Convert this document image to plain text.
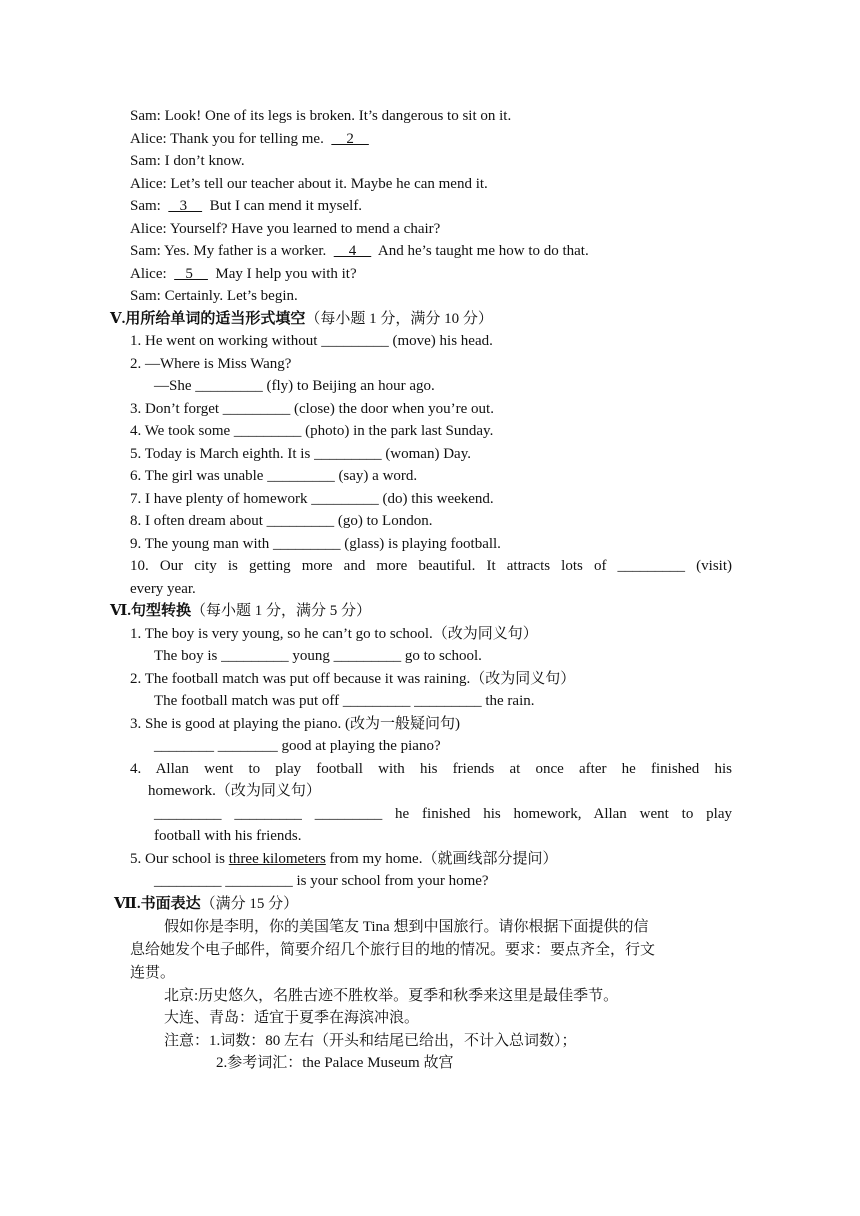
Sam: Look! One of its legs is broken. It’s dangerous to sit on it.
Alice: Thank you for telling me.      2
Sam: I don’t know.
Alice: Let’s tell our teacher about it. Maybe he can mend it.
Sam:     3      But I can mend it myself.
Alice: Yourself? Have you learned to mend a chair?
Sam: Yes. My father is a worker.      4      And he’s taught me how to do that.
Alice:     5      May I help you with it?
Sam: Certainly. Let’s begin.
Ⅴ.用所给单词的适当形式填空（每小题 1 分，满分 10 分）
1. He went on working without _________ (move) his head.
2. —Where is Miss Wang?
—She _________ (fly) to Beijing an hour ago.
3. Don’t forget _________ (close) the door when you’re out.
4. We took some _________ (photo) in the park last Sunday.
5. Today is March eighth. It is _________ (woman) Day.
6. The girl was unable _________ (say) a word.
7. I have plenty of homework _________ (do) this weekend.
8. I often dream about _________ (go) to London.
9. The young man with _________ (glass) is playing football.
10. Our city is getting more and more beautiful. It attracts lots of _________ (visit)
every year.
Ⅵ.句型转换（每小题 1 分，满分 5 分）
1. The boy is very young, so he can’t go to school.（改为同义句）
The boy is _________ young _________ go to school.
2. The football match was put off because it was raining.（改为同义句）
The football match was put off _________ _________ the rain.
3. She is good at playing the piano. (改为一般疑问句)
________ ________ good at playing the piano?
4. Allan went to play football with his friends at once after he finished his
homework.（改为同义句）
_________ _________ _________ he finished his homework, Allan went to play
football with his friends.
5. Our school is three kilometers from my home.（就画线部分提问）
_________ _________ is your school from your home?
Ⅶ.书面表达（满分 15 分）
假如你是李明，你的美国笔友 Tina 想到中国旅行。请你根据下面提供的信
息给她发个电子邮件，简要介绍几个旅行目的地的情况。要求：要点齐全，行文
连贯。
北京:历史悠久，名胜古迹不胜枚举。夏季和秋季来这里是最佳季节。
大连、青岛：适宜于夏季在海滨冲浪。
注意：1.词数：80 左右（开头和结尾已给出，不计入总词数）；
2.参考词汇：the Palace Museum 故宫
